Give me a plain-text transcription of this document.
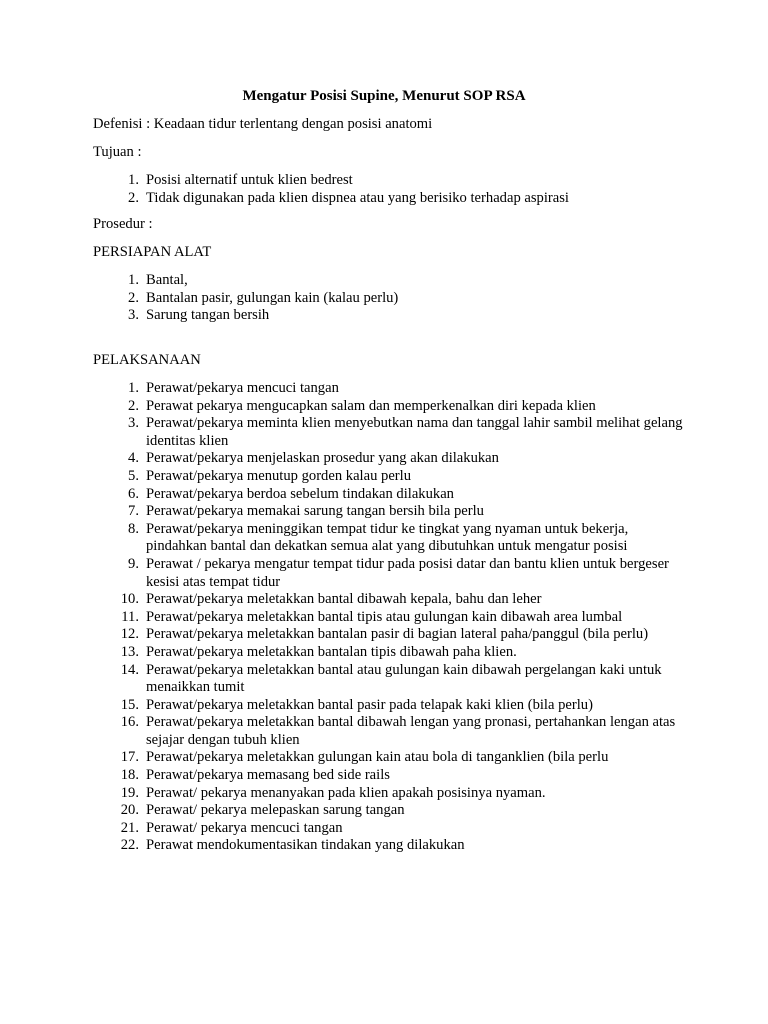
Mengatur Posisi Supine, Menurut SOP RSA

Defenisi : Keadaan tidur terlentang dengan posisi anatomi

Tujuan :

1. Posisi alternatif untuk klien bedrest
2. Tidak digunakan pada klien dispnea atau yang berisiko terhadap aspirasi

Prosedur :

PERSIAPAN ALAT

1. Bantal,
2. Bantalan pasir, gulungan kain (kalau perlu)
3. Sarung tangan bersih

PELAKSANAAN

1. Perawat/pekarya mencuci tangan
2. Perawat pekarya mengucapkan salam dan memperkenalkan diri kepada klien
3. Perawat/pekarya meminta klien menyebutkan nama dan tanggal lahir sambil melihat gelang identitas klien
4. Perawat/pekarya menjelaskan prosedur yang akan dilakukan
5. Perawat/pekarya menutup gorden kalau perlu
6. Perawat/pekarya berdoa sebelum tindakan dilakukan
7. Perawat/pekarya memakai sarung tangan bersih bila perlu
8. Perawat/pekarya meninggikan tempat tidur ke tingkat yang nyaman untuk bekerja, pindahkan bantal dan dekatkan semua alat yang dibutuhkan untuk mengatur posisi
9. Perawat / pekarya mengatur tempat tidur pada posisi datar dan bantu klien untuk bergeser kesisi atas tempat tidur
10. Perawat/pekarya meletakkan bantal dibawah kepala, bahu dan leher
11. Perawat/pekarya meletakkan bantal tipis atau gulungan kain dibawah area lumbal
12. Perawat/pekarya meletakkan bantalan pasir di bagian lateral paha/panggul (bila perlu)
13. Perawat/pekarya meletakkan bantalan tipis dibawah paha klien.
14. Perawat/pekarya meletakkan bantal atau gulungan kain dibawah pergelangan kaki untuk menaikkan tumit
15. Perawat/pekarya meletakkan bantal pasir pada telapak kaki klien (bila perlu)
16. Perawat/pekarya meletakkan bantal dibawah lengan yang pronasi, pertahankan lengan atas sejajar dengan tubuh klien
17. Perawat/pekarya meletakkan gulungan kain atau bola di tanganklien (bila perlu
18. Perawat/pekarya memasang bed side rails
19. Perawat/ pekarya menanyakan pada klien apakah posisinya nyaman.
20. Perawat/ pekarya melepaskan sarung tangan
21. Perawat/ pekarya mencuci tangan
22. Perawat mendokumentasikan tindakan yang dilakukan
